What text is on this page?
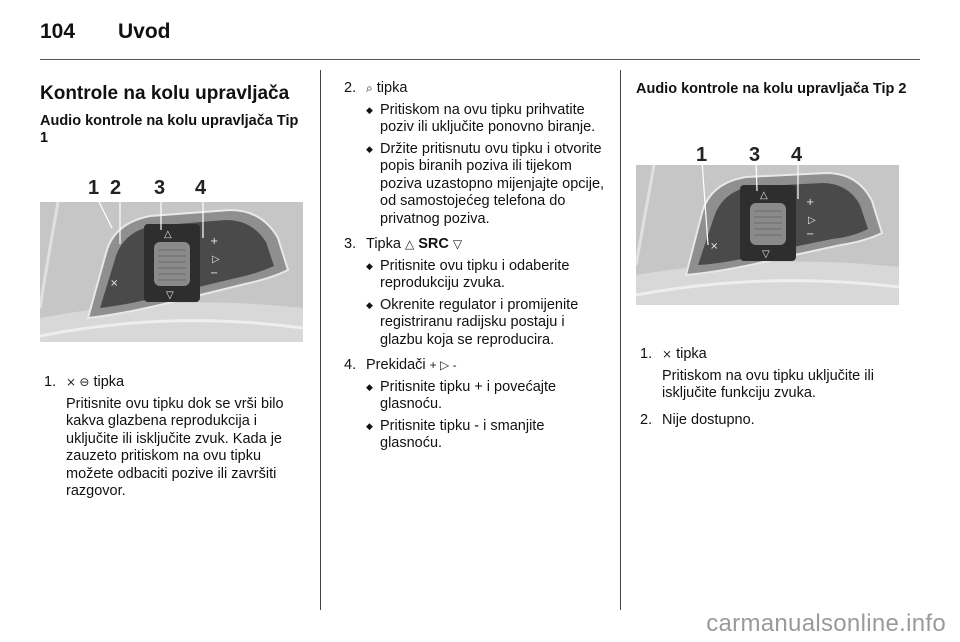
104 Uvod
Kontrole na kolu upravljača
Audio kontrole na kolu upravljača Tip 1
Audio kontrole na kolu upravljača Tip 2
⨯
+
▷
−
△
▽
1 2 3 4
1. ⨯ ⊖ tipka
Pritisnite ovu tipku dok se vrši bilo kakva glazbena reprodukcija i uključite ili isključite zvuk. Kada je zauzeto pritiskom na ovu tipku možete odbaciti pozive ili završiti razgovor.
2. ⌕ tipka
◆ Pritiskom na ovu tipku prihvatite poziv ili uključite ponovno biranje.
◆ Držite pritisnutu ovu tipku i otvorite popis biranih poziva ili tijekom poziva uzastopno mijenjajte opcije, od samostojećeg telefona do privatnog poziva.
3. Tipka △ SRC ▽
◆ Pritisnite ovu tipku i odaberite reprodukciju zvuka.
◆ Okrenite regulator i promijenite registriranu radijsku postaju i glazbu koja se reproducira.
4. Prekidači + ▷ -
◆ Pritisnite tipku + i povećajte glasnoću.
◆ Pritisnite tipku - i smanjite glasnoću.
⨯
+
▷
−
△
▽
1 3 4
1. ⨯ tipka
Pritiskom na ovu tipku uključite ili isključite funkciju zvuka.
2. Nije dostupno.
carmanualsonline.info
